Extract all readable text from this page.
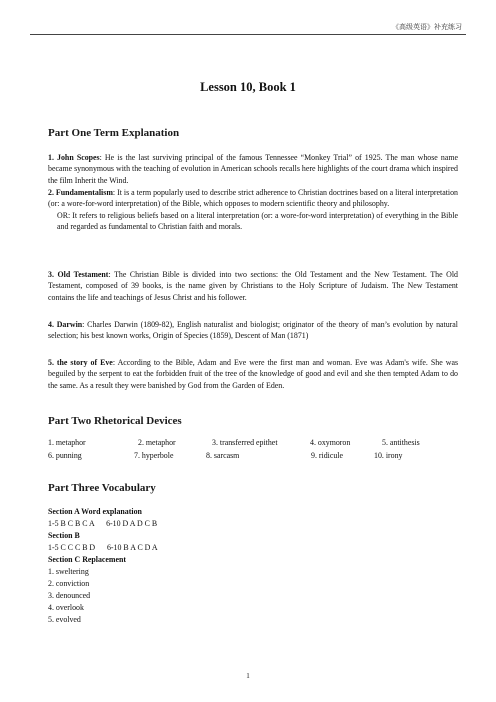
《高级英语》补充练习
Lesson 10, Book 1
Part One Term Explanation
1. John Scopes: He is the last surviving principal of the famous Tennessee “Monkey Trial” of 1925. The man whose name became synonymous with the teaching of evolution in American schools recalls here highlights of the court drama which inspired the film Inherit the Wind.
2. Fundamentalism: It is a term popularly used to describe strict adherence to Christian doctrines based on a literal interpretation (or: a wore-for-word interpretation) of the Bible, which opposes to modern scientific theory and philosophy.
OR: It refers to religious beliefs based on a literal interpretation (or: a wore-for-word interpretation) of everything in the Bible and regarded as fundamental to Christian faith and morals.
3. Old Testament: The Christian Bible is divided into two sections: the Old Testament and the New Testament. The Old Testament, composed of 39 books, is the name given by Christians to the Holy Scripture of Judaism. The New Testament contains the life and teachings of Jesus Christ and his follower.
4. Darwin: Charles Darwin (1809-82), English naturalist and biologist; originator of the theory of man’s evolution by natural selection; his best known works, Origin of Species (1859), Descent of Man (1871)
5. the story of Eve: According to the Bible, Adam and Eve were the first man and woman. Eve was Adam's wife. She was beguiled by the serpent to eat the forbidden fruit of the tree of the knowledge of good and evil and she then tempted Adam to do the same. As a result they were banished by God from the Garden of Eden.
Part Two Rhetorical Devices
1. metaphor	2. metaphor	3. transferred epithet	4. oxymoron	5. antithesis
6. punning	7. hyperbole	8. sarcasm	9. ridicule	10. irony
Part Three Vocabulary
Section A Word explanation
1-5 B C B C A      6-10 D A D C B
Section B
1-5 C C C B D      6-10 B A C D A
Section C Replacement
1. sweltering
2. conviction
3. denounced
4. overlook
5. evolved
1
